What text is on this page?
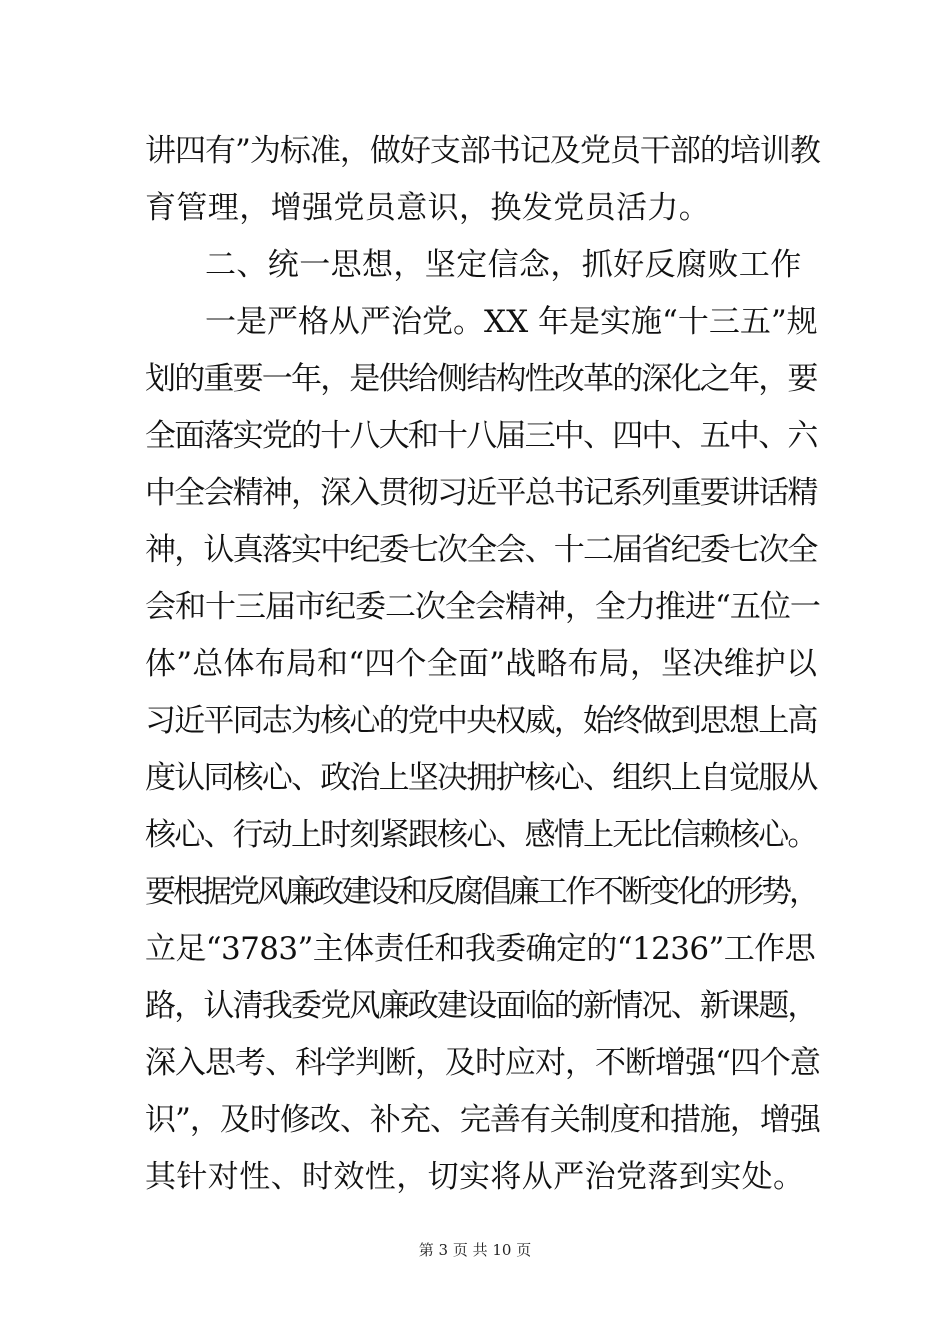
讲四有”为标准，做好支部书记及党员干部的培训教
育管理，增强党员意识，换发党员活力。
二、统一思想，坚定信念，抓好反腐败工作
一是严格从严治党。XX 年是实施“十三五”规
划的重要一年，是供给侧结构性改革的深化之年，要
全面落实党的十八大和十八届三中、四中、五中、六
中全会精神，深入贯彻习近平总书记系列重要讲话精
神，认真落实中纪委七次全会、十二届省纪委七次全
会和十三届市纪委二次全会精神，全力推进“五位一
体”总体布局和“四个全面”战略布局，坚决维护以
习近平同志为核心的党中央权威，始终做到思想上高
度认同核心、政治上坚决拥护核心、组织上自觉服从
核心、行动上时刻紧跟核心、感情上无比信赖核心。
要根据党风廉政建设和反腐倡廉工作不断变化的形势，
立足“3783”主体责任和我委确定的“1236”工作思
路，认清我委党风廉政建设面临的新情况、新课题，
深入思考、科学判断，及时应对，不断增强“四个意
识”，及时修改、补充、完善有关制度和措施，增强
其针对性、时效性，切实将从严治党落到实处。
第 3 页 共 10 页
